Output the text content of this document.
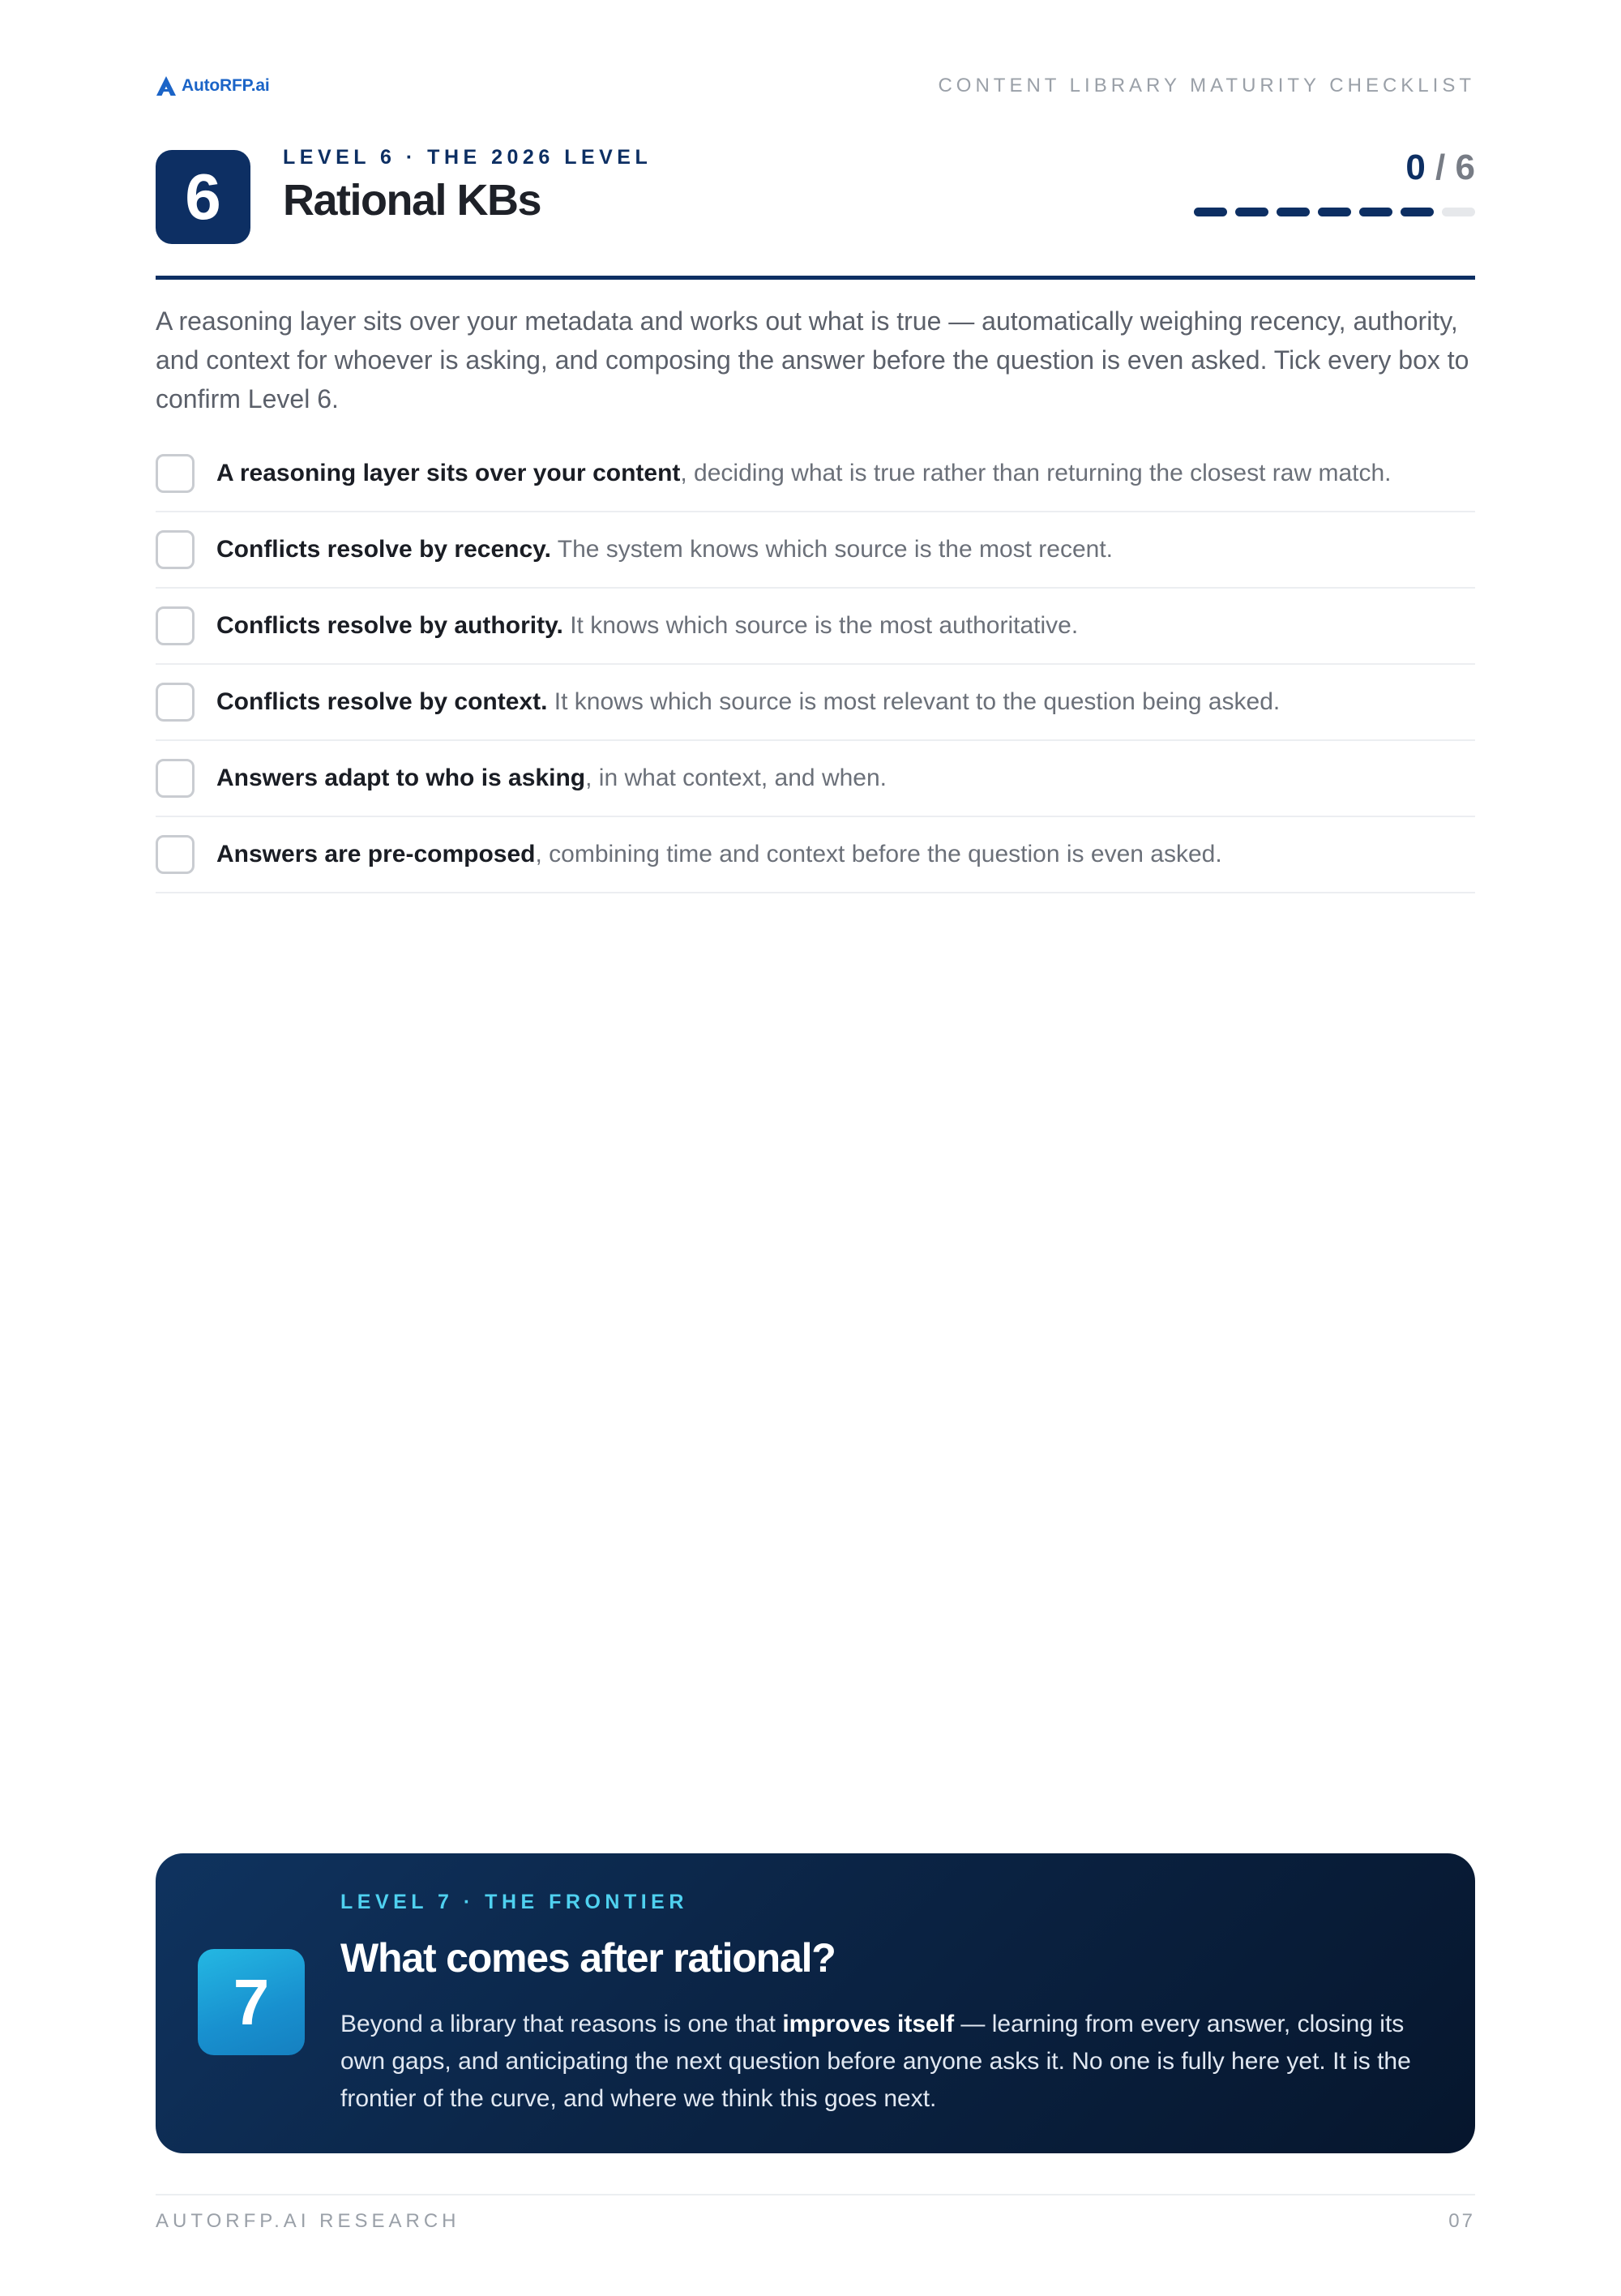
AutoRFP.ai	CONTENT LIBRARY MATURITY CHECKLIST
6
LEVEL 6 · THE 2026 LEVEL
Rational KBs
0 / 6

A reasoning layer sits over your metadata and works out what is true — automatically weighing recency, authority, and context for whoever is asking, and composing the answer before the question is even asked. Tick every box to confirm Level 6.

A reasoning layer sits over your content, deciding what is true rather than returning the closest raw match.
Conflicts resolve by recency. The system knows which source is the most recent.
Conflicts resolve by authority. It knows which source is the most authoritative.
Conflicts resolve by context. It knows which source is most relevant to the question being asked.
Answers adapt to who is asking, in what context, and when.
Answers are pre-composed, combining time and context before the question is even asked.
7
LEVEL 7 · THE FRONTIER
What comes after rational?

Beyond a library that reasons is one that improves itself — learning from every answer, closing its own gaps, and anticipating the next question before anyone asks it. No one is fully here yet. It is the frontier of the curve, and where we think this goes next.

AUTORFP.AI RESEARCH	07
